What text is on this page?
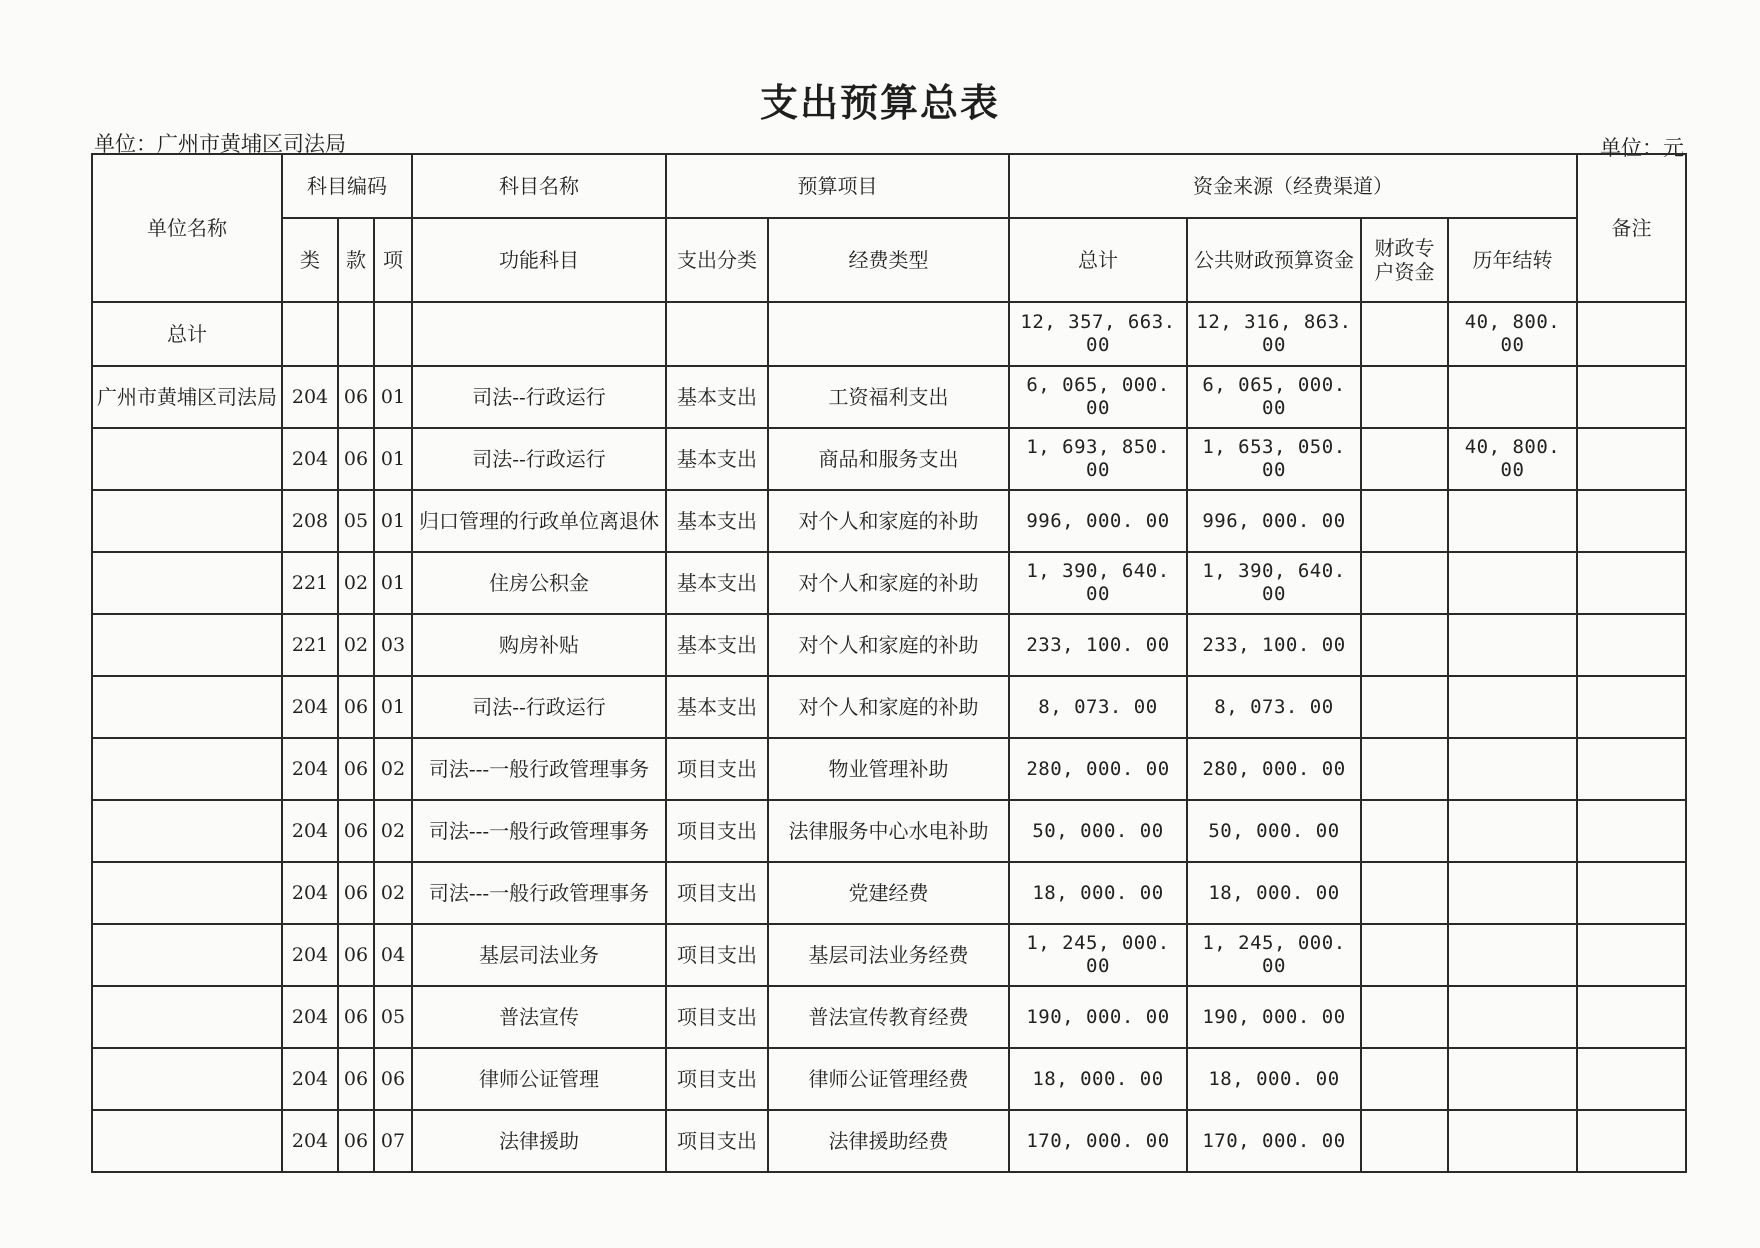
支出预算总表
单位：广州市黄埔区司法局	单位：元
单位名称	科目编码			科目名称	预算项目		资金来源（经费渠道）				备注
	类	款	项	功能科目	支出分类	经费类型	总计	公共财政预算资金	财政专户资金	历年结转	
总计							12, 357, 663. 00	12, 316, 863. 00		40, 800. 00	
广州市黄埔区司法局	204	06	01	司法--行政运行	基本支出	工资福利支出	6, 065, 000. 00	6, 065, 000. 00			
	204	06	01	司法--行政运行	基本支出	商品和服务支出	1, 693, 850. 00	1, 653, 050. 00		40, 800. 00	
	208	05	01	归口管理的行政单位离退休	基本支出	对个人和家庭的补助	996, 000. 00	996, 000. 00			
	221	02	01	住房公积金	基本支出	对个人和家庭的补助	1, 390, 640. 00	1, 390, 640. 00			
	221	02	03	购房补贴	基本支出	对个人和家庭的补助	233, 100. 00	233, 100. 00			
	204	06	01	司法--行政运行	基本支出	对个人和家庭的补助	8, 073. 00	8, 073. 00			
	204	06	02	司法---一般行政管理事务	项目支出	物业管理补助	280, 000. 00	280, 000. 00			
	204	06	02	司法---一般行政管理事务	项目支出	法律服务中心水电补助	50, 000. 00	50, 000. 00			
	204	06	02	司法---一般行政管理事务	项目支出	党建经费	18, 000. 00	18, 000. 00			
	204	06	04	基层司法业务	项目支出	基层司法业务经费	1, 245, 000. 00	1, 245, 000. 00			
	204	06	05	普法宣传	项目支出	普法宣传教育经费	190, 000. 00	190, 000. 00			
	204	06	06	律师公证管理	项目支出	律师公证管理经费	18, 000. 00	18, 000. 00			
	204	06	07	法律援助	项目支出	法律援助经费	170, 000. 00	170, 000. 00			
